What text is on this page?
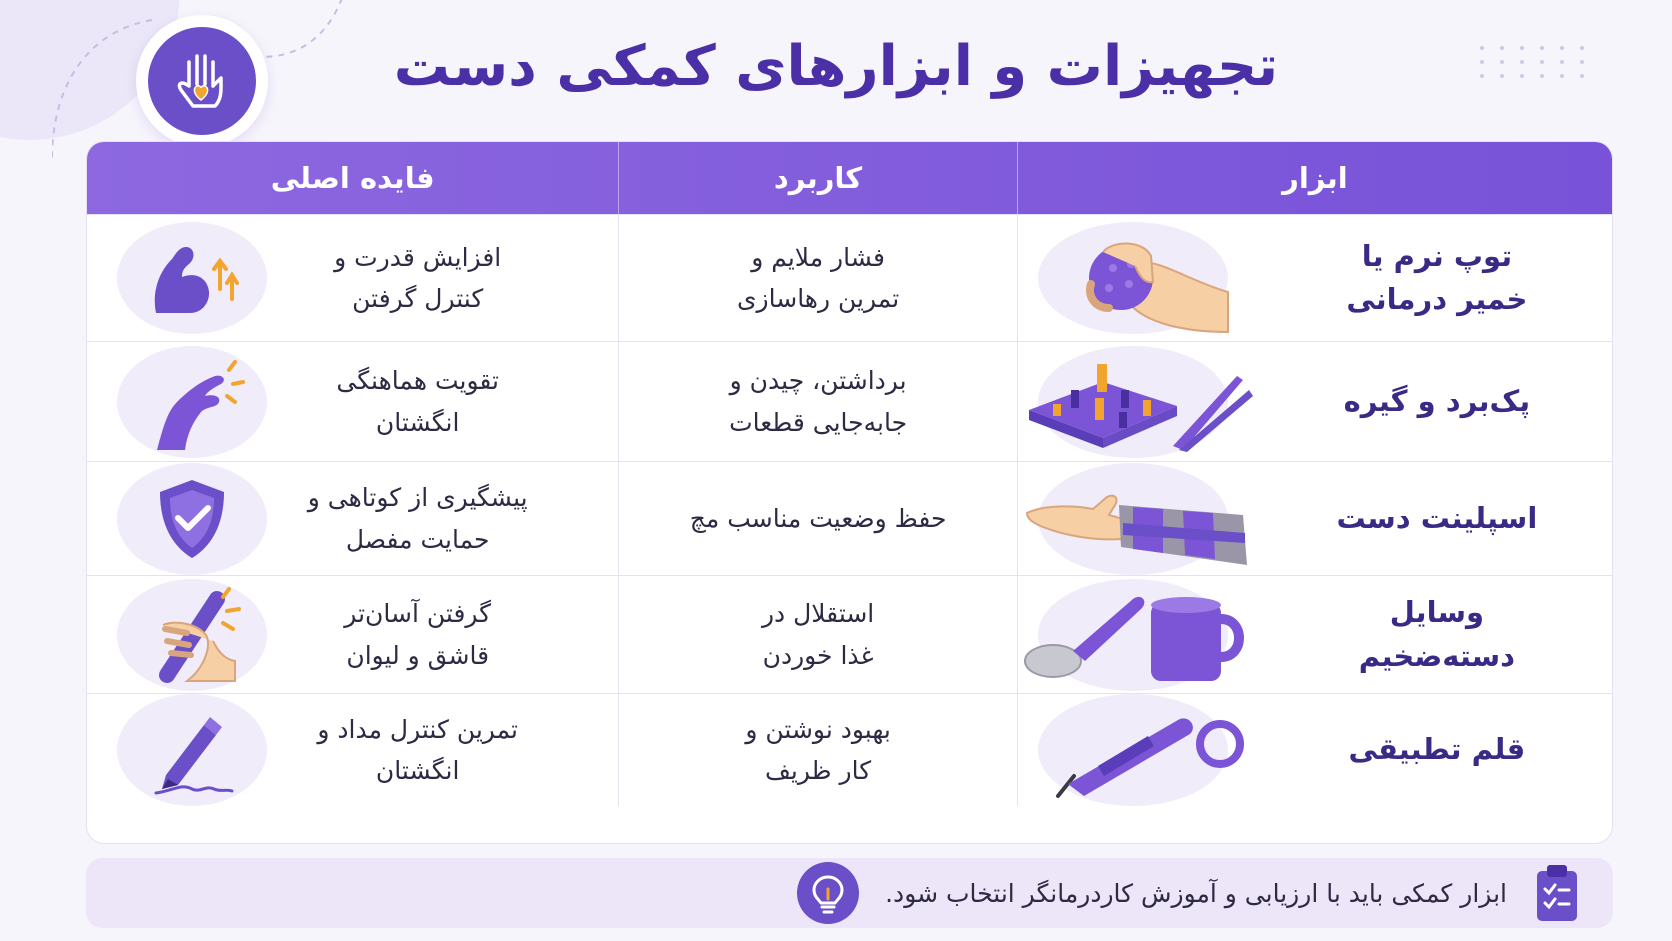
تجهیزات و ابزارهای کمکی دست
ابزار
کاربرد
فایده اصلی
توپ نرم یا
خمیر درمانی
فشار ملایم و
تمرین رهاسازی
افزایش قدرت و
کنترل گرفتن
پک‌برد و گیره
برداشتن، چیدن و
جابه‌جایی قطعات
تقویت هماهنگی
انگشتان
اسپلینت دست
حفظ وضعیت مناسب مچ
پیشگیری از کوتاهی و
حمایت مفصل
وسایل
دسته‌ضخیم
استقلال در
غذا خوردن
گرفتن آسان‌تر
قاشق و لیوان
قلم تطبیقی
بهبود نوشتن و
کار ظریف
تمرین کنترل مداد و
انگشتان
ابزار کمکی باید با ارزیابی و آموزش کاردرمانگر انتخاب شود.
